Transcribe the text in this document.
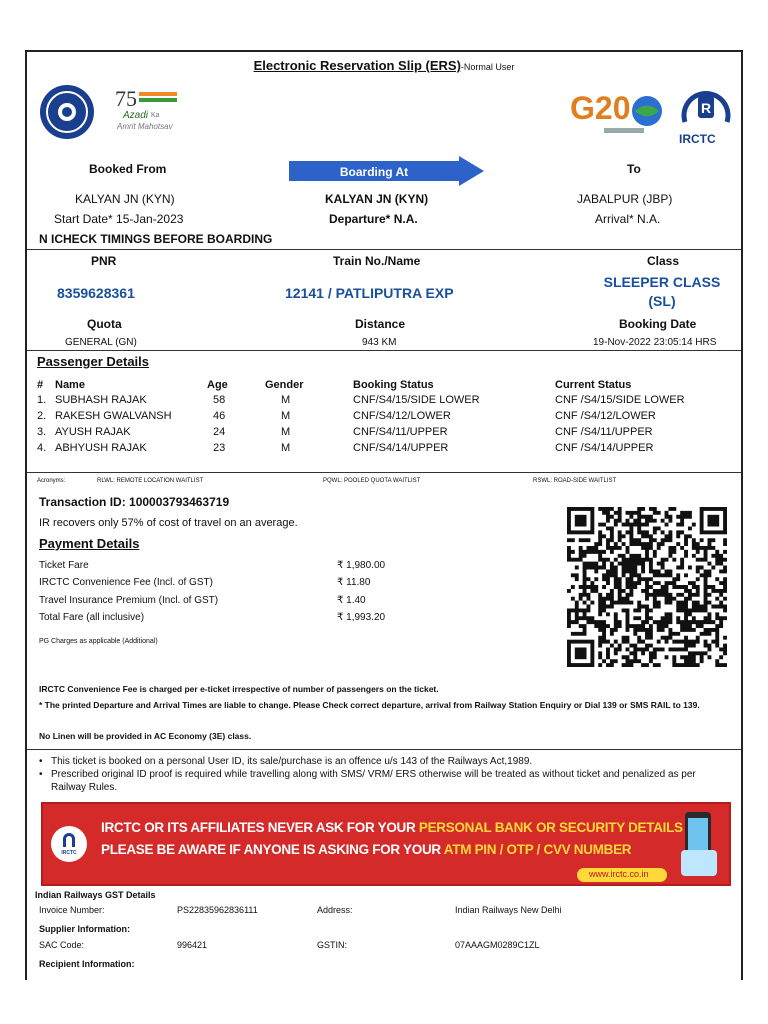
Electronic Reservation Slip (ERS)-Normal User
75
Azadi Ka
Amrit Mahotsav
G20	R
IRCTC
Booked From	Boarding At	To
KALYAN JN (KYN)	KALYAN JN (KYN)	JABALPUR (JBP)
Start Date* 15-Jan-2023	Departure* N.A.	Arrival* N.A.
N ICHECK TIMINGS BEFORE BOARDING
PNR	Train No./Name	Class
8359628361	12141 / PATLIPUTRA EXP
SLEEPER CLASS
(SL)
Quota	Distance	Booking Date
GENERAL (GN)	943 KM	19-Nov-2022 23:05:14 HRS
Passenger Details
#	Name	Age	Gender	Booking Status	Current Status
1.	SUBHASH RAJAK	58	M	CNF/S4/15/SIDE LOWER	CNF /S4/15/SIDE LOWER
2.	RAKESH GWALVANSH	46	M	CNF/S4/12/LOWER	CNF /S4/12/LOWER
3.	AYUSH RAJAK	24	M	CNF/S4/11/UPPER	CNF /S4/11/UPPER
4.	ABHYUSH RAJAK	23	M	CNF/S4/14/UPPER	CNF /S4/14/UPPER
Acronyms:	RLWL: REMOTE LOCATION WAITLIST	PQWL: POOLED QUOTA WAITLIST	RSWL: ROAD-SIDE WAITLIST
Transaction ID: 100003793463719
IR recovers only 57% of cost of travel on an average.
Payment Details
Ticket Fare	₹ 1,980.00
IRCTC Convenience Fee (Incl. of GST)	₹ 11.80
Travel Insurance Premium (Incl. of GST)	₹ 1.40
Total Fare (all inclusive)	₹ 1,993.20
PG Charges as applicable (Additional)
IRCTC Convenience Fee is charged per e-ticket irrespective of number of passengers on the ticket.
* The printed Departure and Arrival Times are liable to change. Please Check correct departure, arrival from Railway Station Enquiry or Dial 139 or SMS RAIL to 139.
No Linen will be provided in AC Economy (3E) class.
• This ticket is booked on a personal User ID, its sale/purchase is an offence u/s 143 of the Railways Act,1989.
• Prescribed original ID proof is required while travelling along with SMS/ VRM/ ERS otherwise will be treated as without ticket and penalized as per Railway Rules.
IRCTC
IRCTC OR ITS AFFILIATES NEVER ASK FOR YOUR PERSONAL BANK OR SECURITY DETAILS
PLEASE BE AWARE IF ANYONE IS ASKING FOR YOUR ATM PIN / OTP / CVV NUMBER
www.irctc.co.in
Indian Railways GST Details
Invoice Number:	PS22835962836111	Address:	Indian Railways New Delhi
Supplier Information:
SAC Code:	996421	GSTIN:	07AAAGM0289C1ZL
Recipient Information:
